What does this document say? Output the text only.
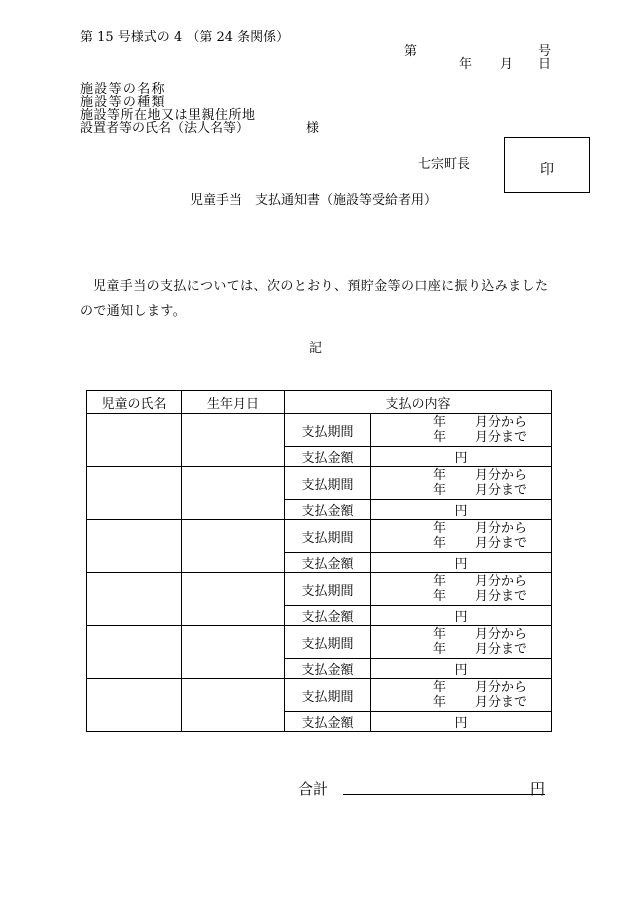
第 15 号様式の 4 （第 24 条関係）
第	号
年 月 日
施設等の名称
施設等の種類
施設等所在地又は里親住所地
設置者等の氏名（法人名等）	様
七宗町長	印
児童手当　支払通知書（施設等受給者用）
児童手当の支払については、次のとおり、預貯金等の口座に振り込みましたので通知します。
記
児童の氏名	生年月日	支払の内容	
		支払期間	年 月分から
年 月分まで

		支払金額	円
		支払期間	年 月分から
年 月分まで

		支払金額	円
		支払期間	年 月分から
年 月分まで

		支払金額	円
		支払期間	年 月分から
年 月分まで

		支払金額	円
		支払期間	年 月分から
年 月分まで

		支払金額	円
		支払期間	年 月分から
年 月分まで

		支払金額	円
合計	円
